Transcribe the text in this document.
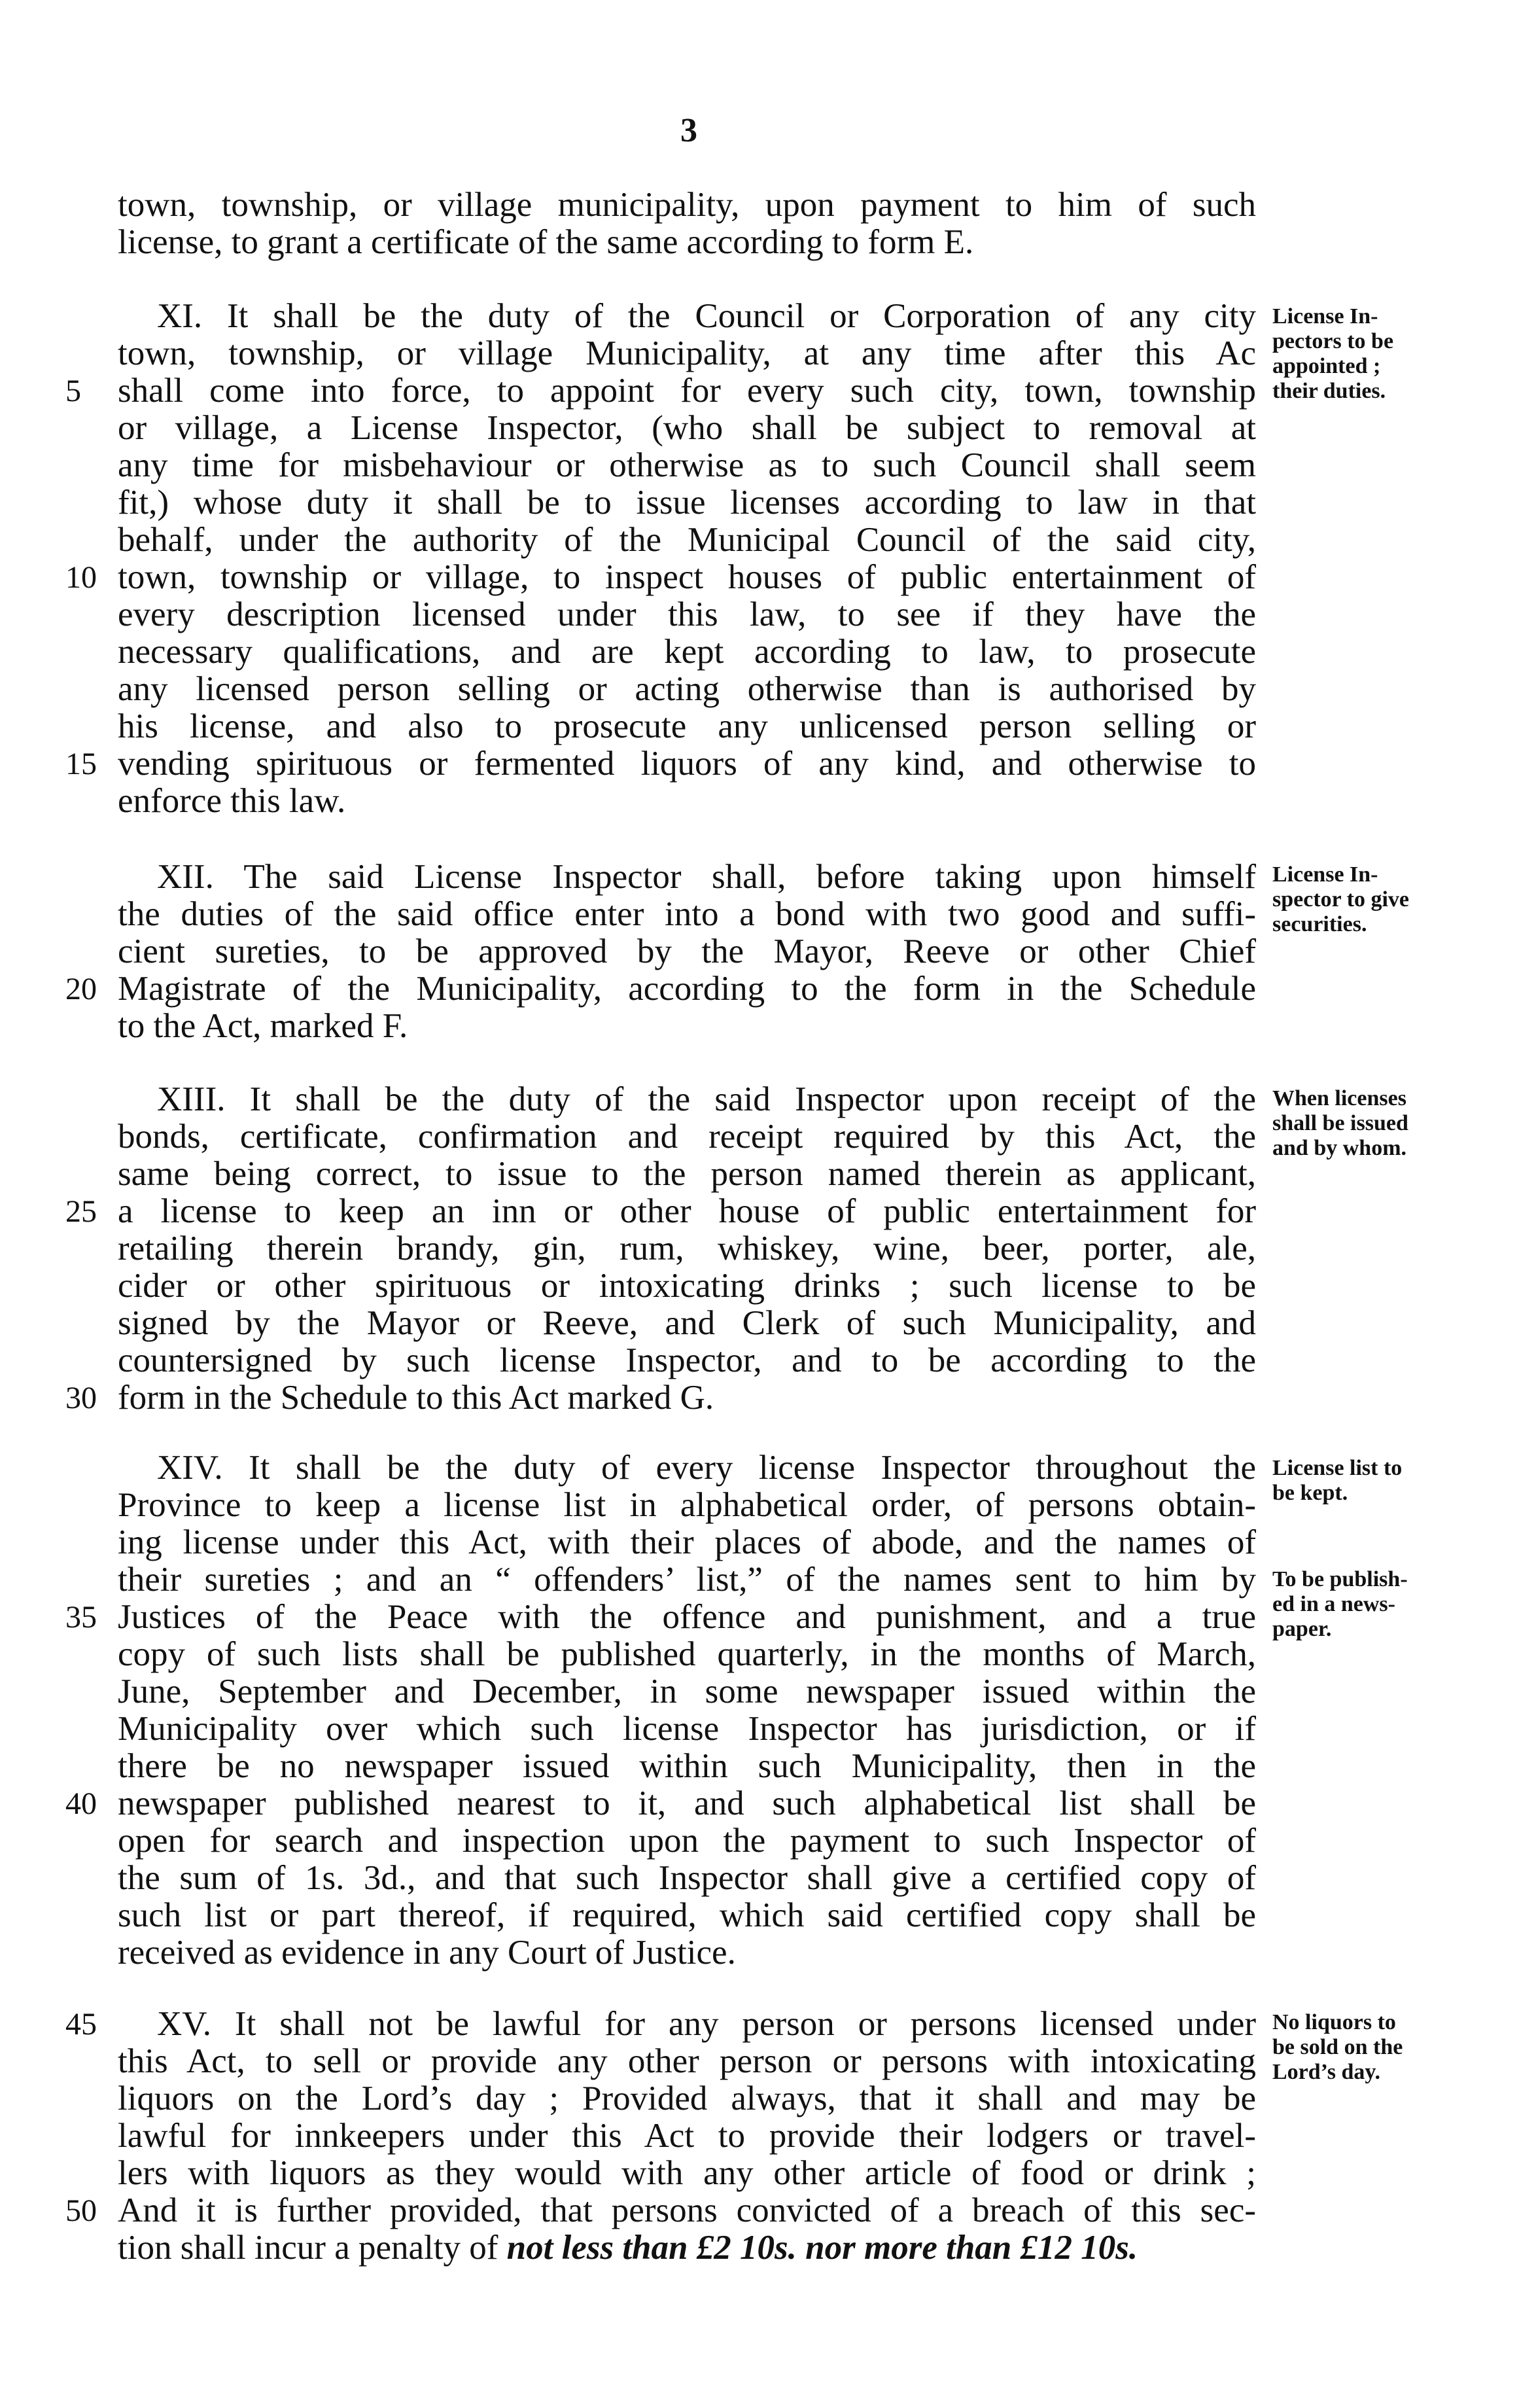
3
town, township, or village municipality, upon payment to him of such
license, to grant a certificate of the same according to form E.
XI. It shall be the duty of the Council or Corporation of any city
town, township, or village Municipality, at any time after this Ac
shall come into force, to appoint for every such city, town, township
or village, a License Inspector, (who shall be subject to removal at
any time for misbehaviour or otherwise as to such Council shall seem
fit,) whose duty it shall be to issue licenses according to law in that
behalf, under the authority of the Municipal Council of the said city,
town, township or village, to inspect houses of public entertainment of
every description licensed under this law, to see if they have the
necessary qualifications, and are kept according to law, to prosecute
any licensed person selling or acting otherwise than is authorised by
his license, and also to prosecute any unlicensed person selling or
vending spirituous or fermented liquors of any kind, and otherwise to
enforce this law.
XII. The said License Inspector shall, before taking upon himself
the duties of the said office enter into a bond with two good and suffi-
cient sureties, to be approved by the Mayor, Reeve or other Chief
Magistrate of the Municipality, according to the form in the Schedule
to the Act, marked F.
XIII. It shall be the duty of the said Inspector upon receipt of the
bonds, certificate, confirmation and receipt required by this Act, the
same being correct, to issue to the person named therein as applicant,
a license to keep an inn or other house of public entertainment for
retailing therein brandy, gin, rum, whiskey, wine, beer, porter, ale,
cider or other spirituous or intoxicating drinks ; such license to be
signed by the Mayor or Reeve, and Clerk of such Municipality, and
countersigned by such license Inspector, and to be according to the
form in the Schedule to this Act marked G.
XIV. It shall be the duty of every license Inspector throughout the
Province to keep a license list in alphabetical order, of persons obtain-
ing license under this Act, with their places of abode, and the names of
their sureties ; and an “ offenders’ list,” of the names sent to him by
Justices of the Peace with the offence and punishment, and a true
copy of such lists shall be published quarterly, in the months of March,
June, September and December, in some newspaper issued within the
Municipality over which such license Inspector has jurisdiction, or if
there be no newspaper issued within such Municipality, then in the
newspaper published nearest to it, and such alphabetical list shall be
open for search and inspection upon the payment to such Inspector of
the sum of 1s. 3d., and that such Inspector shall give a certified copy of
such list or part thereof, if required, which said certified copy shall be
received as evidence in any Court of Justice.
XV. It shall not be lawful for any person or persons licensed under
this Act, to sell or provide any other person or persons with intoxicating
liquors on the Lord’s day ; Provided always, that it shall and may be
lawful for innkeepers under this Act to provide their lodgers or travel-
lers with liquors as they would with any other article of food or drink ;
And it is further provided, that persons convicted of a breach of this sec-
tion shall incur a penalty of not less than £2 10s. nor more than £12 10s.
5
10
15
20
25
30
35
40
45
50
License In-
pectors to be
appointed ;
their duties.
License In-
spector to give
securities.
When licenses
shall be issued
and by whom.
License list to
be kept.
To be publish-
ed in a news-
paper.
No liquors to
be sold on the
Lord’s day.
